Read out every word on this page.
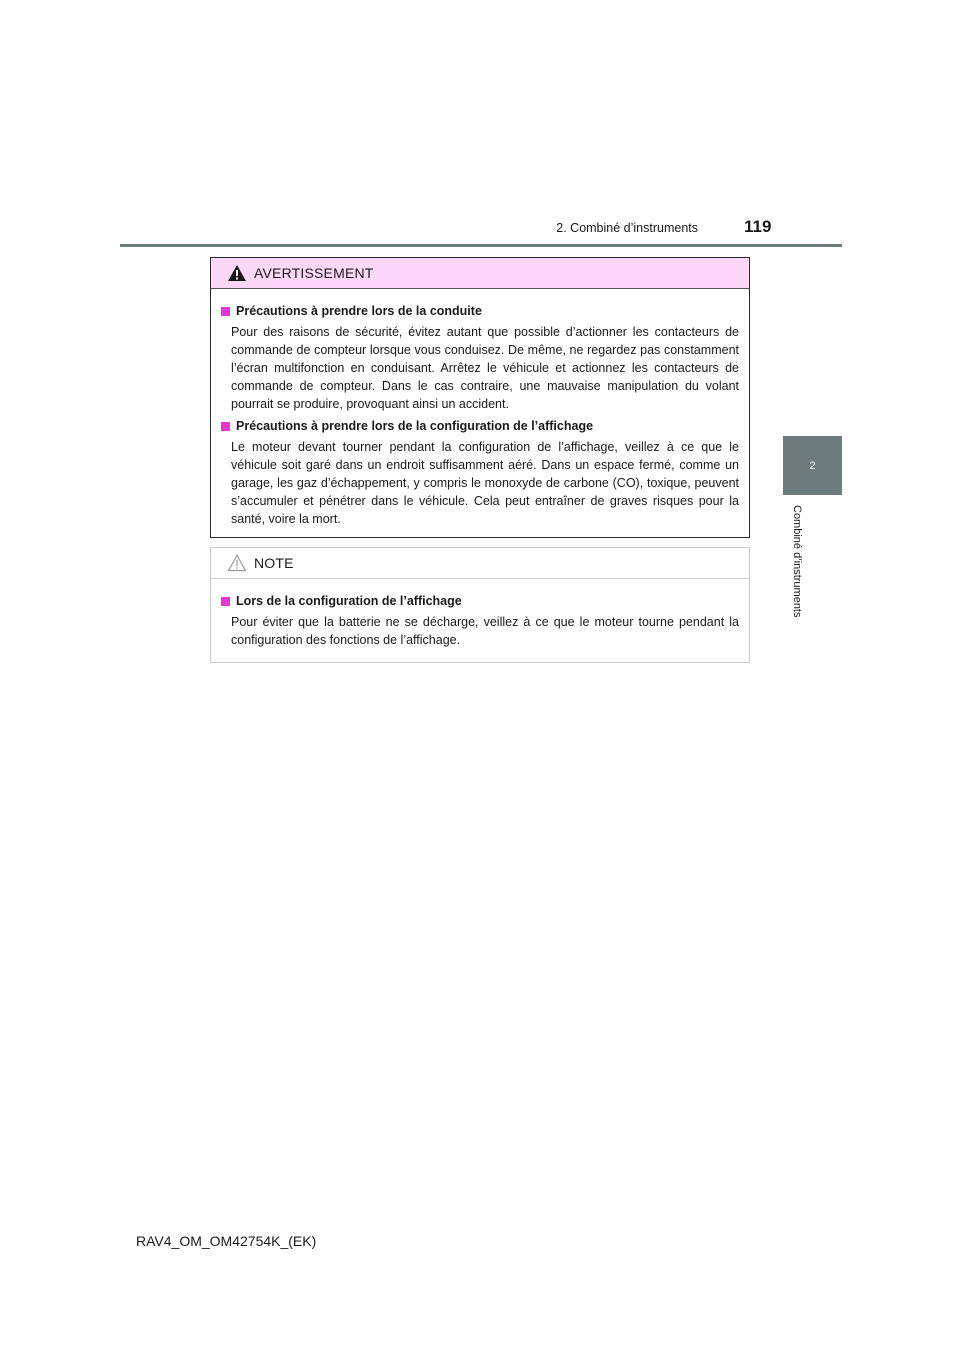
2. Combiné d’instruments	119
2
Combiné d’instruments
AVERTISSEMENT
Précautions à prendre lors de la conduite

Pour des raisons de sécurité, évitez autant que possible d’actionner les contacteurs de commande de compteur lorsque vous conduisez. De même, ne regardez pas constamment l’écran multifonction en conduisant. Arrêtez le véhicule et actionnez les contacteurs de commande de compteur. Dans le cas contraire, une mauvaise manipulation du volant pourrait se produire, provoquant ainsi un accident.

Précautions à prendre lors de la configuration de l’affichage

Le moteur devant tourner pendant la configuration de l’affichage, veillez à ce que le véhicule soit garé dans un endroit suffisamment aéré. Dans un espace fermé, comme un garage, les gaz d’échappement, y compris le monoxyde de carbone (CO), toxique, peuvent s’accumuler et pénétrer dans le véhicule. Cela peut entraîner de graves risques pour la santé, voire la mort.

NOTE
Lors de la configuration de l’affichage

Pour éviter que la batterie ne se décharge, veillez à ce que le moteur tourne pendant la configuration des fonctions de l’affichage.

RAV4_OM_OM42754K_(EK)
